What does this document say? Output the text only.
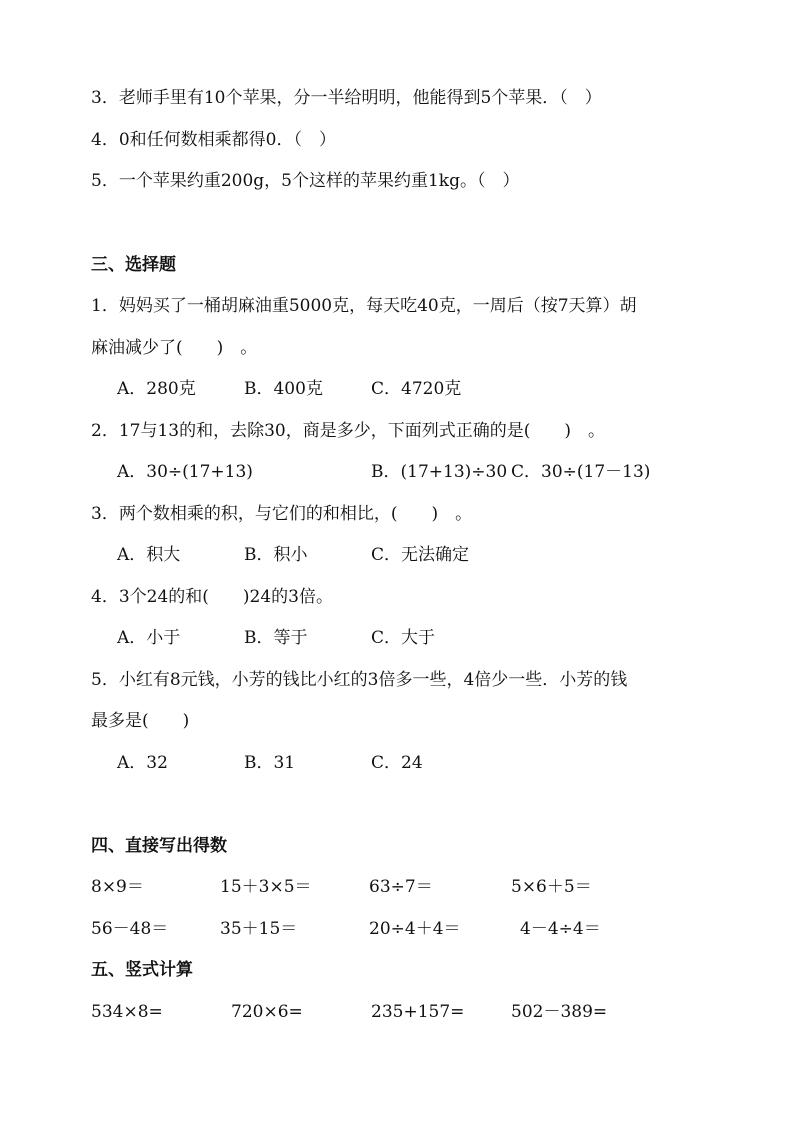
3．老师手里有10个苹果，分一半给明明，他能得到5个苹果．（　）
4．0和任何数相乘都得0．（　）
5．一个苹果约重200g，5个这样的苹果约重1kg。（　）
三、选择题
1．妈妈买了一桶胡麻油重5000克，每天吃40克，一周后（按7天算）胡
麻油减少了(　　)　。
A．280克	B．400克	C．4720克
2．17与13的和，去除30，商是多少，下面列式正确的是(　　)　。
A．30÷(17+13)	B．(17+13)÷30 C．30÷(17－13)
3．两个数相乘的积，与它们的和相比，(　　)　。
A．积大	B．积小	C．无法确定
4．3个24的和(　　)24的3倍。
A．小于	B．等于	C．大于
5．小红有8元钱，小芳的钱比小红的3倍多一些，4倍少一些．小芳的钱
最多是(　　)
A．32	B．31	C．24
四、直接写出得数
8×9＝	15＋3×5＝	63÷7＝	5×6＋5＝
56－48＝	35＋15＝	20÷4＋4＝	4－4÷4＝
五、竖式计算
534×8=	720×6=	235+157=	502－389=
